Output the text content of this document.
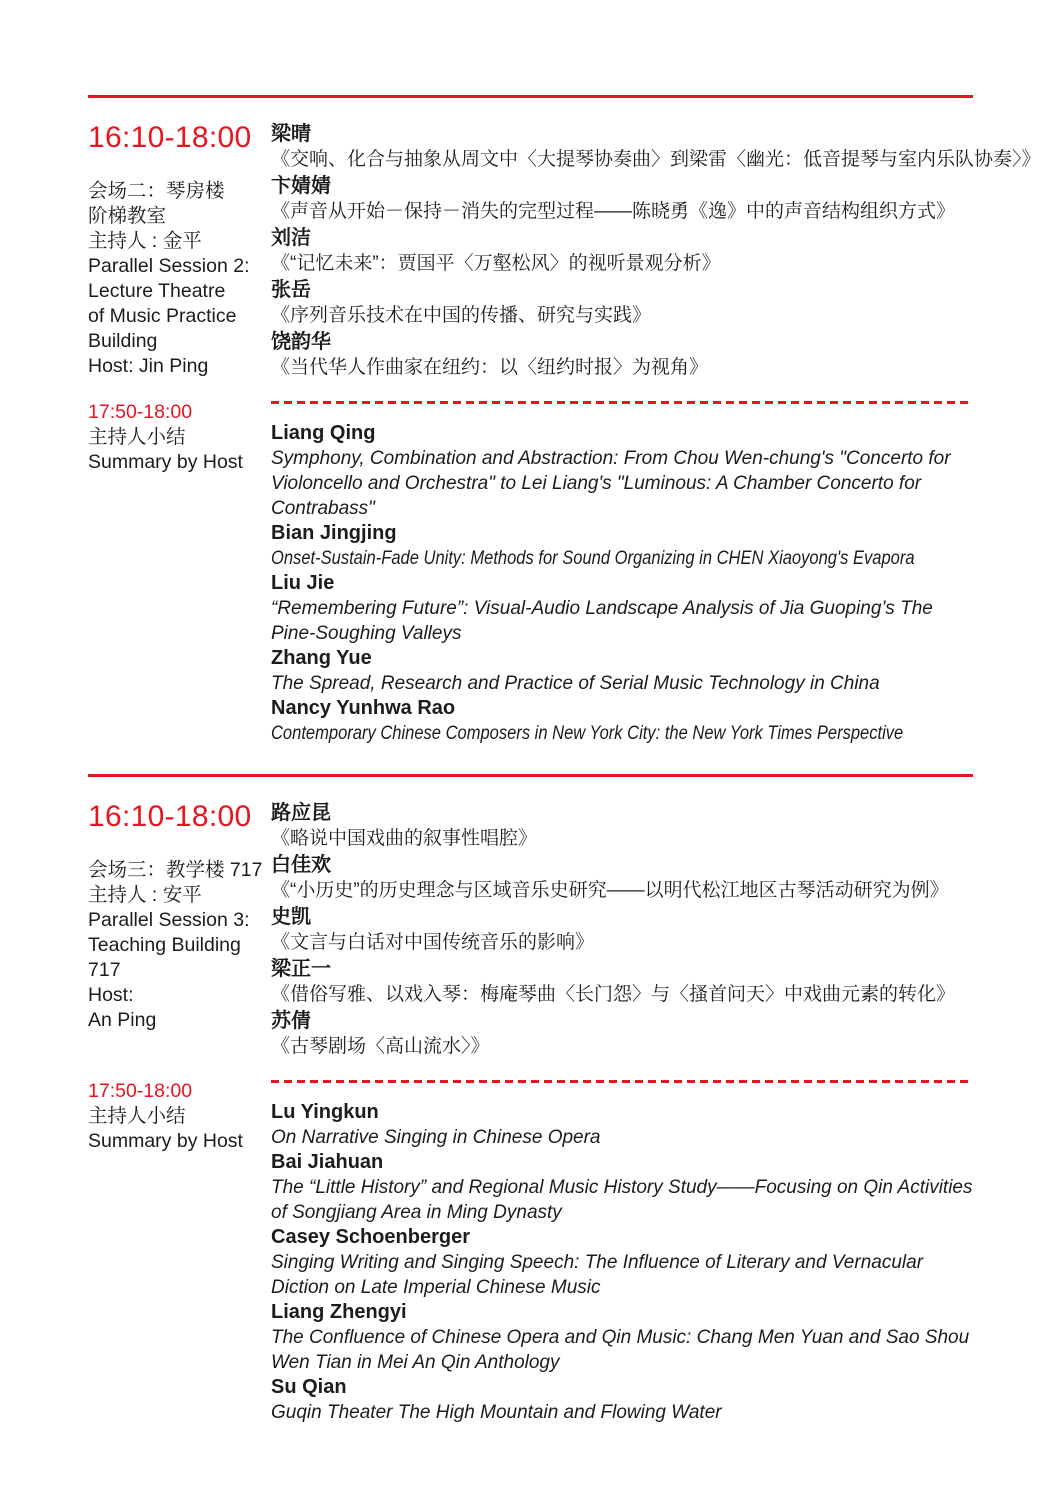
16:10-18:00
会场二：琴房楼
阶梯教室
主持人 : 金平
Parallel Session 2:
Lecture Theatre
of Music Practice
Building
Host: Jin Ping
梁晴
《交响、化合与抽象从周文中〈大提琴协奏曲〉到梁雷〈幽光：低音提琴与室内乐队协奏〉》
卞婧婧
《声音从开始－保持－消失的完型过程——陈晓勇《逸》中的声音结构组织方式》
刘洁
《“记忆未来”：贾国平〈万壑松风〉的视听景观分析》
张岳
《序列音乐技术在中国的传播、研究与实践》
饶韵华
《当代华人作曲家在纽约：以〈纽约时报〉为视角》
17:50-18:00
主持人小结
Summary by Host
Liang Qing
Symphony, Combination and Abstraction: From Chou Wen-chung's "Concerto for Violoncello and Orchestra" to Lei Liang's "Luminous: A Chamber Concerto for Contrabass"
Bian Jingjing
Onset-Sustain-Fade Unity: Methods for Sound Organizing in CHEN Xiaoyong's Evapora
Liu Jie
“Remembering Future”: Visual-Audio Landscape Analysis of Jia Guoping’s The Pine-Soughing Valleys
Zhang Yue
The Spread, Research and Practice of Serial Music Technology in China
Nancy Yunhwa Rao
Contemporary Chinese Composers in New York City: the New York Times Perspective
16:10-18:00
会场三：教学楼 717
主持人 : 安平
Parallel Session 3:
Teaching Building
717
Host:
An Ping
路应昆
《略说中国戏曲的叙事性唱腔》
白佳欢
《“小历史”的历史理念与区域音乐史研究——以明代松江地区古琴活动研究为例》
史凯
《文言与白话对中国传统音乐的影响》
梁正一
《借俗写雅、以戏入琴：梅庵琴曲〈长门怨〉与〈搔首问天〉中戏曲元素的转化》
苏倩
《古琴剧场〈高山流水〉》
17:50-18:00
主持人小结
Summary by Host
Lu Yingkun
On Narrative Singing in Chinese Opera
Bai Jiahuan
The “Little History” and Regional Music History Study——Focusing on Qin Activities of Songjiang Area in Ming Dynasty
Casey Schoenberger
Singing Writing and Singing Speech: The Influence of Literary and Vernacular Diction on Late Imperial Chinese Music
Liang Zhengyi
The Confluence of Chinese Opera and Qin Music: Chang Men Yuan and Sao Shou Wen Tian in Mei An Qin Anthology
Su Qian
Guqin Theater The High Mountain and Flowing Water
